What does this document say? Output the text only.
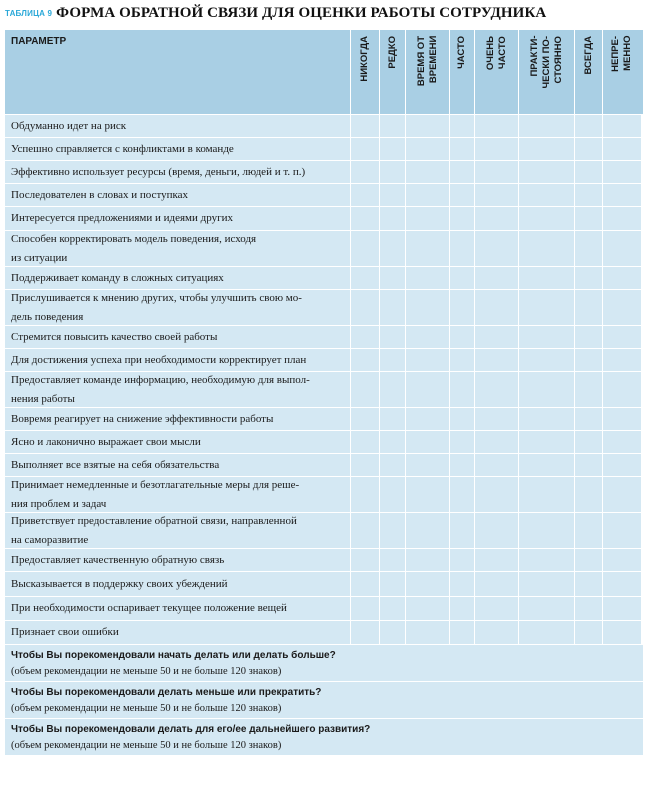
ТАБЛИЦА 9 ФОРМА ОБРАТНОЙ СВЯЗИ ДЛЯ ОЦЕНКИ РАБОТЫ СОТРУДНИКА
ПАРАМЕТР	НИКОГДА РЕДКО ВРЕМЯ ОТ
ВРЕМЕНИ ЧАСТО ОЧЕНЬ
ЧАСТО ПРАКТИ-
ЧЕСКИ ПО-
СТОЯННО ВСЕГДА НЕПРЕ-
МЕННО
Обдуманно идет на риск
Успешно справляется с конфликтами в команде
Эффективно использует ресурсы (время, деньги, людей и т. п.)
Последователен в словах и поступках
Интересуется предложениями и идеями других
Способен корректировать модель поведения, исходя
из ситуации
Поддерживает команду в сложных ситуациях
Прислушивается к мнению других, чтобы улучшить свою мо-
дель поведения
Стремится повысить качество своей работы
Для достижения успеха при необходимости корректирует план
Предоставляет команде информацию, необходимую для выпол-
нения работы
Вовремя реагирует на снижение эффективности работы
Ясно и лаконично выражает свои мысли
Выполняет все взятые на себя обязательства
Принимает немедленные и безотлагательные меры для реше-
ния проблем и задач
Приветствует предоставление обратной связи, направленной
на саморазвитие
Предоставляет качественную обратную связь
Высказывается в поддержку своих убеждений
При необходимости оспаривает текущее положение вещей
Признает свои ошибки
Чтобы Вы порекомендовали начать делать или делать больше?
(объем рекомендации не меньше 50 и не больше 120 знаков)
Чтобы Вы порекомендовали делать меньше или прекратить?
(объем рекомендации не меньше 50 и не больше 120 знаков)
Чтобы Вы порекомендовали делать для его/ее дальнейшего развития?
(объем рекомендации не меньше 50 и не больше 120 знаков)
